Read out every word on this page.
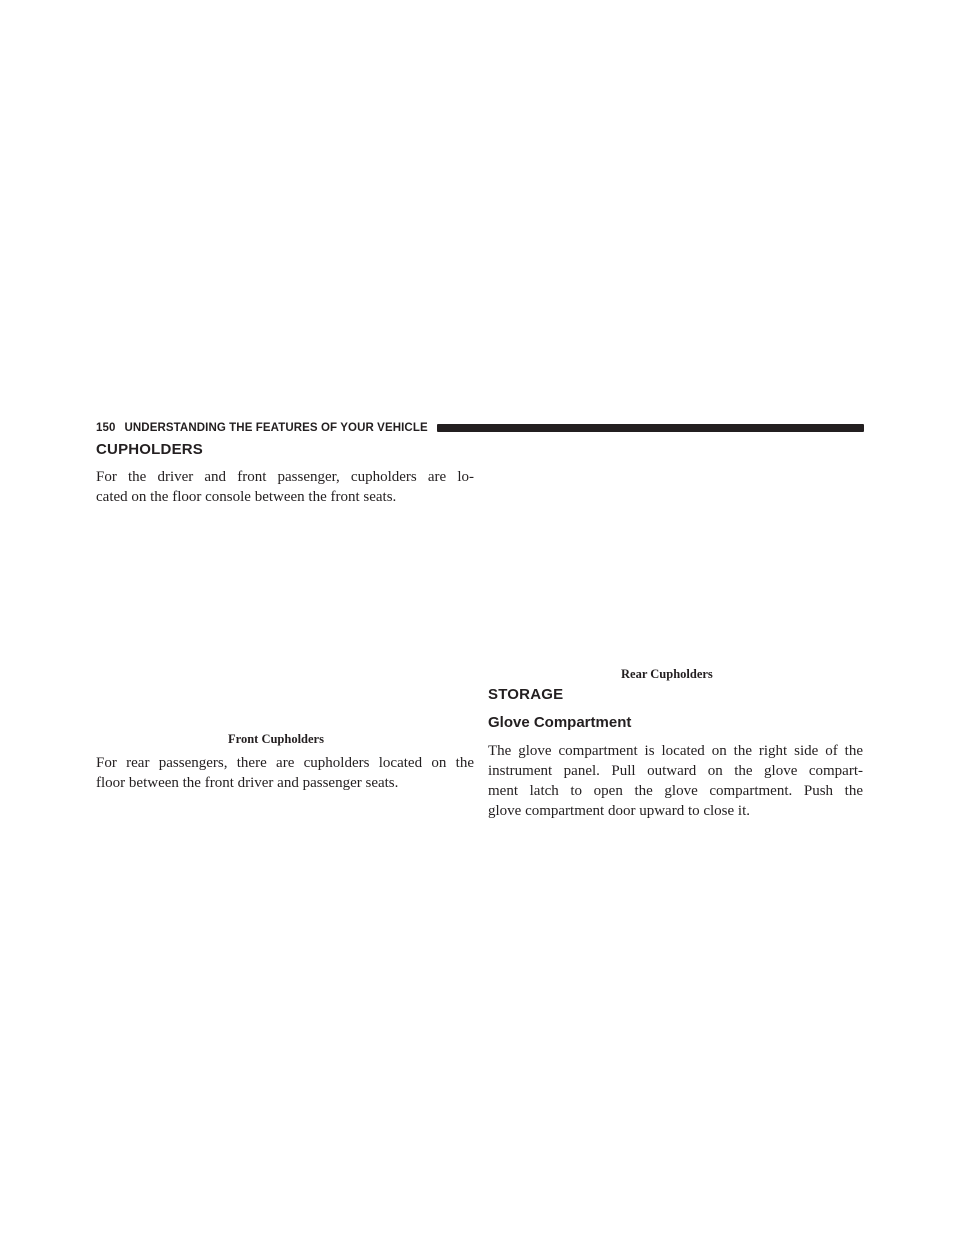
150 UNDERSTANDING THE FEATURES OF YOUR VEHICLE
CUPHOLDERS

For the driver and front passenger, cupholders are lo-
cated on the floor console between the front seats.

Front Cupholders

For rear passengers, there are cupholders located on the
floor between the front driver and passenger seats.

Rear Cupholders

STORAGE
Glove Compartment

The glove compartment is located on the right side of the
instrument panel. Pull outward on the glove compart-
ment latch to open the glove compartment. Push the
glove compartment door upward to close it.
